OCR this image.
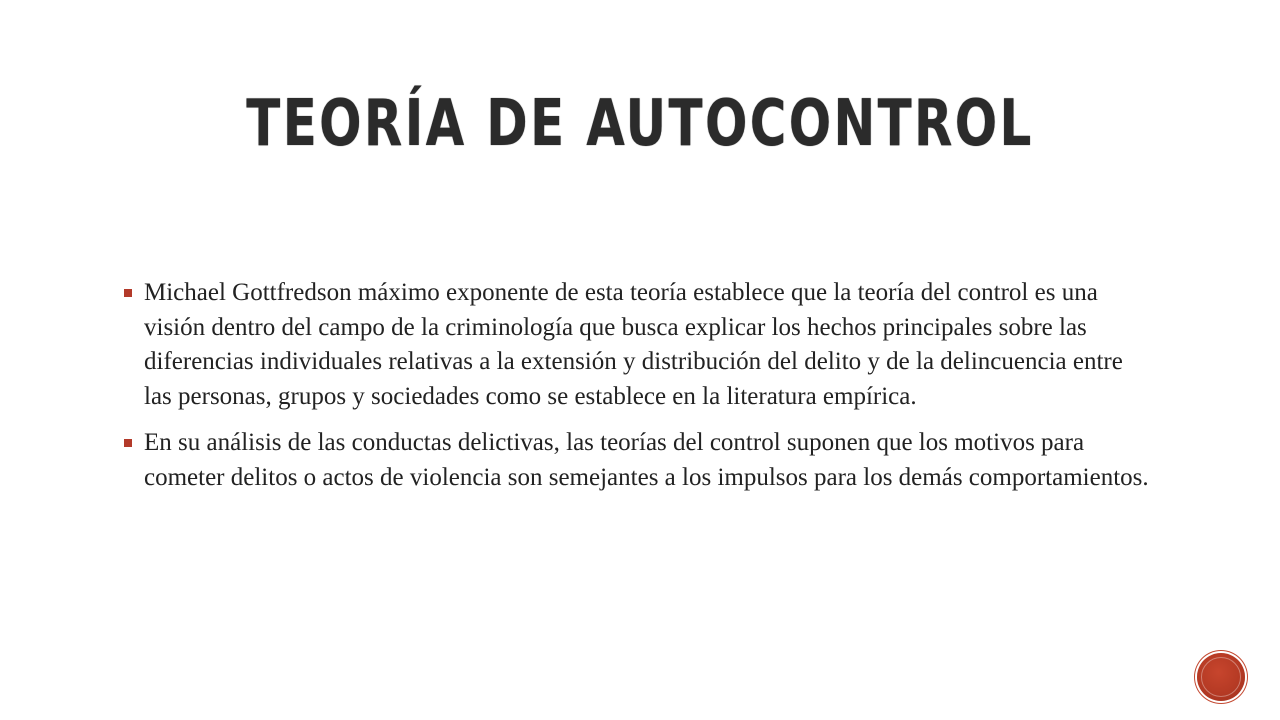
TEORÍA DE AUTOCONTROL
Michael Gottfredson máximo exponente de esta teoría establece que la teoría del control es una visión dentro del campo de la criminología que busca explicar los hechos principales sobre las diferencias individuales relativas a la extensión y distribución del delito y de la delincuencia entre las personas, grupos y sociedades como se establece en la literatura empírica.
En su análisis de las conductas delictivas, las teorías del control suponen que los motivos para cometer delitos o actos de violencia son semejantes a los impulsos para los demás comportamientos.
